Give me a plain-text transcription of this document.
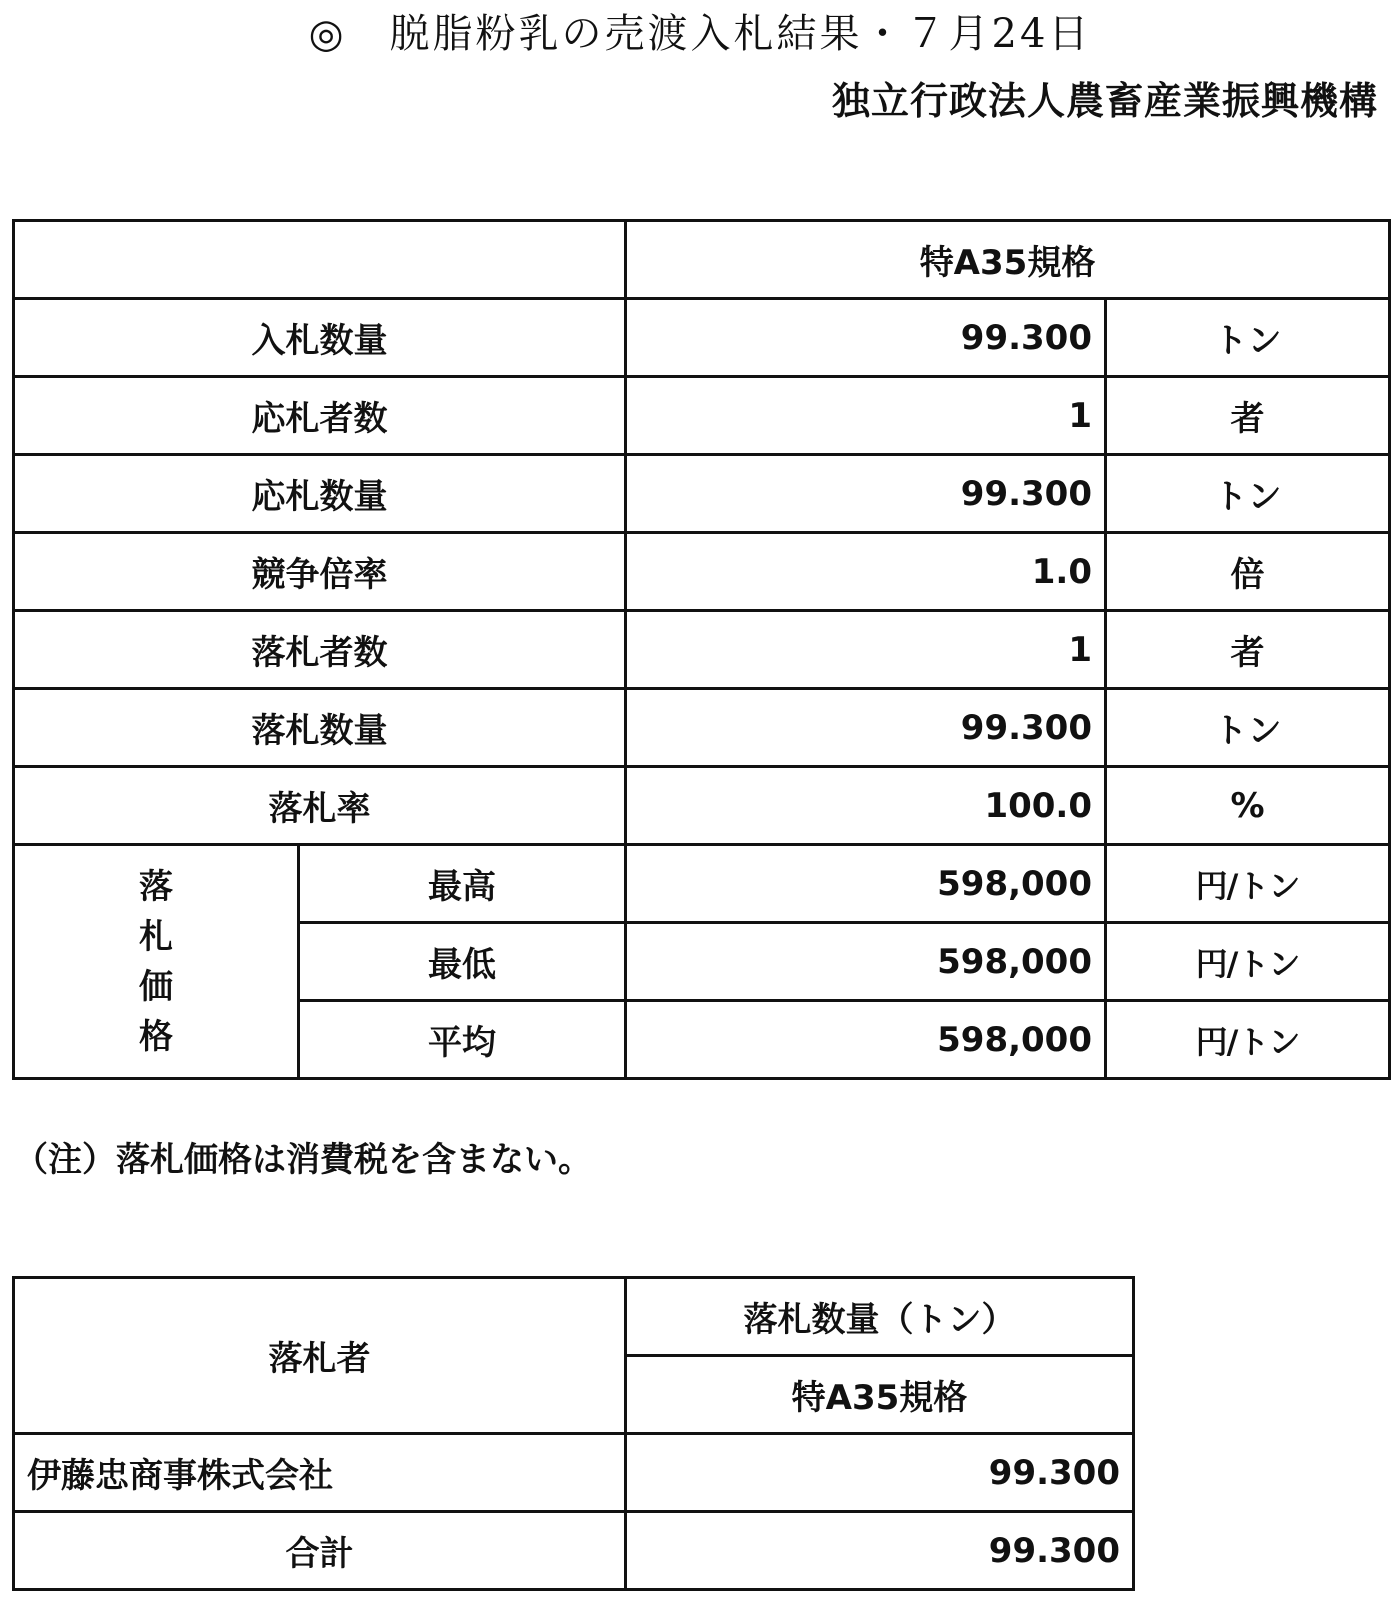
◎　脱脂粉乳の売渡入札結果・７月24日
独立行政法人農畜産業振興機構
		特A35規格	
入札数量		99.300	トン
応札者数		1	者
応札数量		99.300	トン
競争倍率		1.0	倍
落札者数		1	者
落札数量		99.300	トン
落札率		100.0	%

落
札
価
格	最高	598,000	円/トン
	最低	598,000	円/トン
	平均	598,000	円/トン
（注）落札価格は消費税を含まない。
落札者	落札数量（トン）
	特A35規格
伊藤忠商事株式会社	99.300
合計	99.300
